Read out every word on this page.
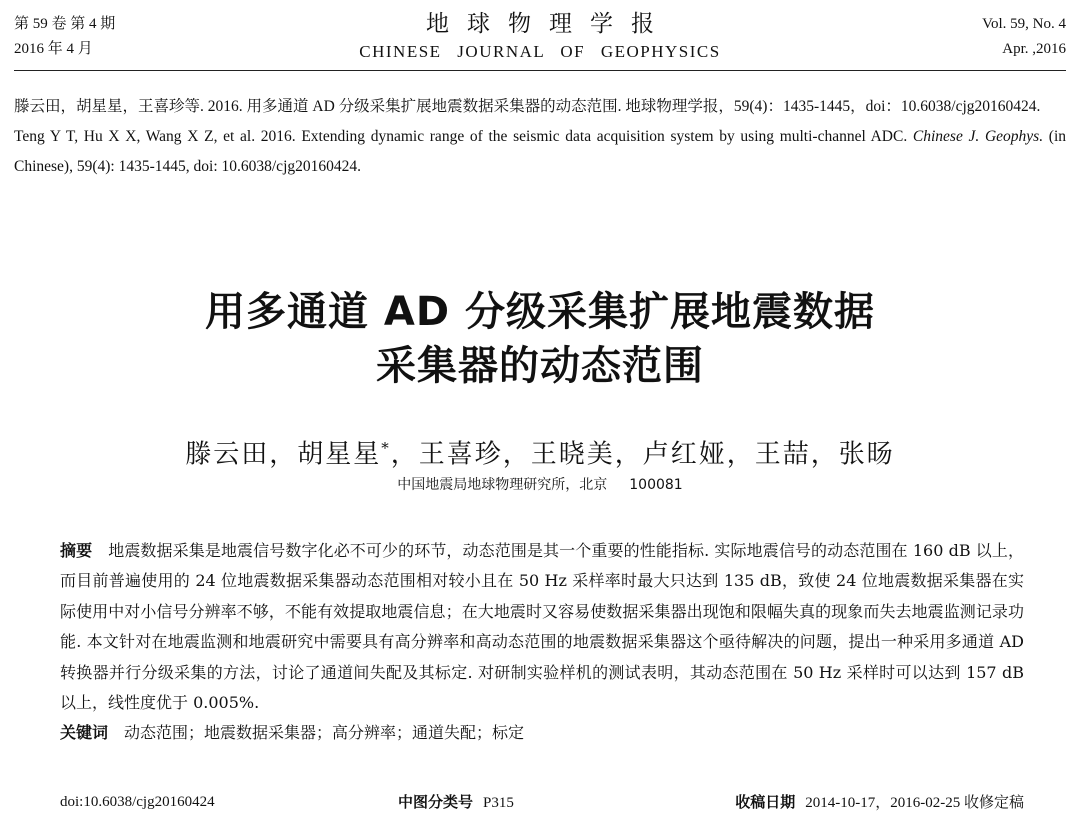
第 59 卷 第 4 期
2016 年 4 月
地球物理学报
CHINESE JOURNAL OF GEOPHYSICS
Vol. 59, No. 4
Apr. ,2016

滕云田，胡星星，王喜珍等. 2016. 用多通道 AD 分级采集扩展地震数据采集器的动态范围. 地球物理学报，59(4)：1435-1445，doi：10.6038/cjg20160424.

Teng Y T, Hu X X, Wang X Z, et al. 2016. Extending dynamic range of the seismic data acquisition system by using multi-channel ADC. Chinese J. Geophys. (in Chinese), 59(4): 1435-1445, doi: 10.6038/cjg20160424.

用多通道 AD 分级采集扩展地震数据
采集器的动态范围
滕云田，胡星星*，王喜珍，王晓美，卢红娅，王喆，张旸
中国地震局地球物理研究所，北京 100081

摘要 地震数据采集是地震信号数字化必不可少的环节，动态范围是其一个重要的性能指标. 实际地震信号的动态范围在 160 dB 以上，而目前普遍使用的 24 位地震数据采集器动态范围相对较小且在 50 Hz 采样率时最大只达到 135 dB，致使 24 位地震数据采集器在实际使用中对小信号分辨率不够，不能有效提取地震信息；在大地震时又容易使数据采集器出现饱和限幅失真的现象而失去地震监测记录功能. 本文针对在地震监测和地震研究中需要具有高分辨率和高动态范围的地震数据采集器这个亟待解决的问题，提出一种采用多通道 AD 转换器并行分级采集的方法，讨论了通道间失配及其标定. 对研制实验样机的测试表明，其动态范围在 50 Hz 采样时可以达到 157 dB 以上，线性度优于 0.005%.

关键词 动态范围；地震数据采集器；高分辨率；通道失配；标定

doi:10.6038/cjg20160424	中图分类号 P315	收稿日期 2014-10-17，2016-02-25 收修定稿
